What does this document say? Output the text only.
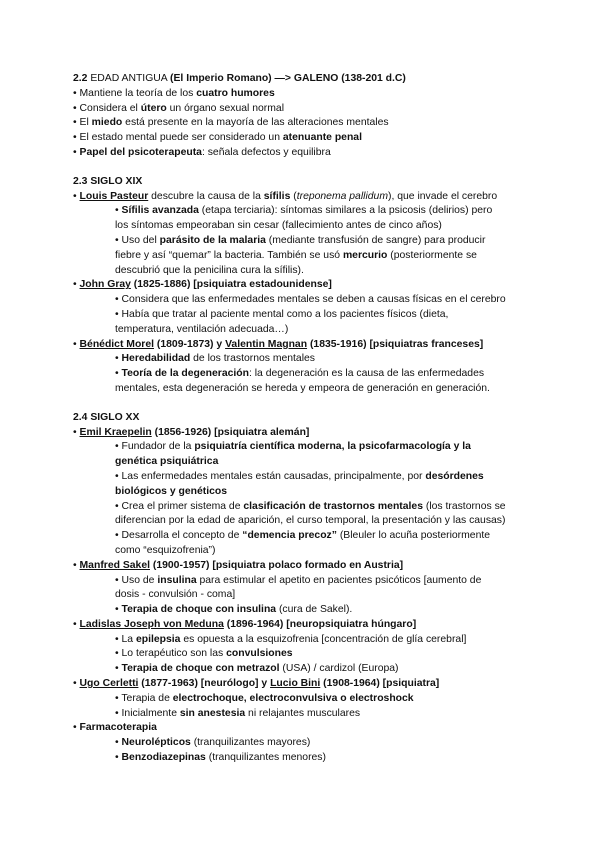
2.2 EDAD ANTIGUA (El Imperio Romano) —> GALENO (138-201 d.C)
• Mantiene la teoría de los cuatro humores
• Considera el útero un órgano sexual normal
• El miedo está presente en la mayoría de las alteraciones mentales
• El estado mental puede ser considerado un atenuante penal
• Papel del psicoterapeuta: señala defectos y equilibra
2.3 SIGLO XIX
• Louis Pasteur descubre la causa de la sífilis (treponema pallidum), que invade el cerebro
• Sífilis avanzada (etapa terciaria): síntomas similares a la psicosis (delirios) pero
los síntomas empeoraban sin cesar (fallecimiento antes de cinco años)
• Uso del parásito de la malaria (mediante transfusión de sangre) para producir
fiebre y así “quemar” la bacteria. También se usó mercurio (posteriormente se
descubrió que la penicilina cura la sífilis).
• John Gray (1825-1886) [psiquiatra estadounidense]
• Considera que las enfermedades mentales se deben a causas físicas en el cerebro
• Había que tratar al paciente mental como a los pacientes físicos (dieta,
temperatura, ventilación adecuada…)
• Bénédict Morel (1809-1873) y Valentin Magnan (1835-1916) [psiquiatras franceses]
• Heredabilidad de los trastornos mentales
• Teoría de la degeneración: la degeneración es la causa de las enfermedades
mentales, esta degeneración se hereda y empeora de generación en generación.
2.4 SIGLO XX
• Emil Kraepelin (1856-1926) [psiquiatra alemán]
• Fundador de la psiquiatría científica moderna, la psicofarmacología y la
genética psiquiátrica
• Las enfermedades mentales están causadas, principalmente, por desórdenes
biológicos y genéticos
• Crea el primer sistema de clasificación de trastornos mentales (los trastornos se
diferencian por la edad de aparición, el curso temporal, la presentación y las causas)
• Desarrolla el concepto de “demencia precoz” (Bleuler lo acuña posteriormente
como “esquizofrenia”)
• Manfred Sakel (1900-1957) [psiquiatra polaco formado en Austria]
• Uso de insulina para estimular el apetito en pacientes psicóticos [aumento de
dosis - convulsión - coma]
• Terapia de choque con insulina (cura de Sakel).
• Ladislas Joseph von Meduna (1896-1964) [neuropsiquiatra húngaro]
• La epilepsia es opuesta a la esquizofrenia [concentración de glía cerebral]
• Lo terapéutico son las convulsiones
• Terapia de choque con metrazol (USA) / cardizol (Europa)
• Ugo Cerletti (1877-1963) [neurólogo] y Lucio Bini (1908-1964) [psiquiatra]
• Terapia de electrochoque, electroconvulsiva o electroshock
• Inicialmente sin anestesia ni relajantes musculares
• Farmacoterapia
• Neurolépticos (tranquilizantes mayores)
• Benzodiazepinas (tranquilizantes menores)
